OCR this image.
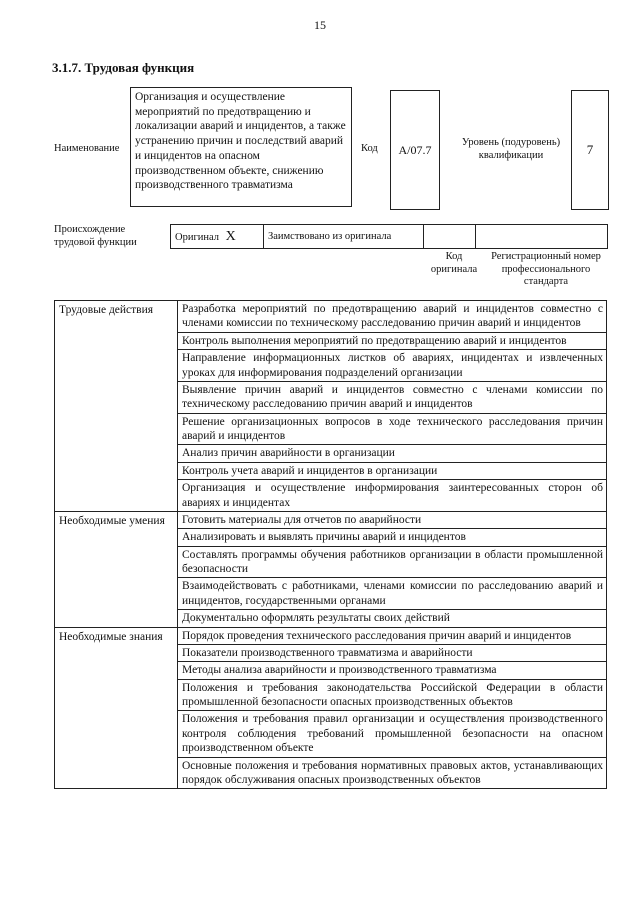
15
3.1.7. Трудовая функция
Наименование
Организация и осуществление мероприятий по предотвращению и локализации аварий и инцидентов, а также устранению причин и последствий аварий и инцидентов на опасном производственном объекте, снижению производственного травматизма
Код	А/07.7	Уровень (подуровень) квалификации	7
Происхождение трудовой функции	Оригинал Х	Заимствовано из оригинала		
Код оригинала
Регистрационный номер профессионального стандарта
Трудовые действия	Разработка мероприятий по предотвращению аварий и инцидентов совместно с членами комиссии по техническому расследованию причин аварий и инцидентов
	Контроль выполнения мероприятий по предотвращению аварий и инцидентов
	Направление информационных листков об авариях, инцидентах и извлеченных уроках для информирования подразделений организации
	Выявление причин аварий и инцидентов совместно с членами комиссии по техническому расследованию причин аварий и инцидентов
	Решение организационных вопросов в ходе технического расследования причин аварий и инцидентов
	Анализ причин аварийности в организации
	Контроль учета аварий и инцидентов в организации
	Организация и осуществление информирования заинтересованных сторон об авариях и инцидентах
Необходимые умения	Готовить материалы для отчетов по аварийности
	Анализировать и выявлять причины аварий и инцидентов
	Составлять программы обучения работников организации в области промышленной безопасности
	Взаимодействовать с работниками, членами комиссии по расследованию аварий и инцидентов, государственными органами
	Документально оформлять результаты своих действий
Необходимые знания	Порядок проведения технического расследования причин аварий и инцидентов
	Показатели производственного травматизма и аварийности
	Методы анализа аварийности и производственного травматизма
	Положения и требования законодательства Российской Федерации в области промышленной безопасности опасных производственных объектов
	Положения и требования правил организации и осуществления производственного контроля соблюдения требований промышленной безопасности на опасном производственном объекте
	Основные положения и требования нормативных правовых актов, устанавливающих порядок обслуживания опасных производственных объектов
